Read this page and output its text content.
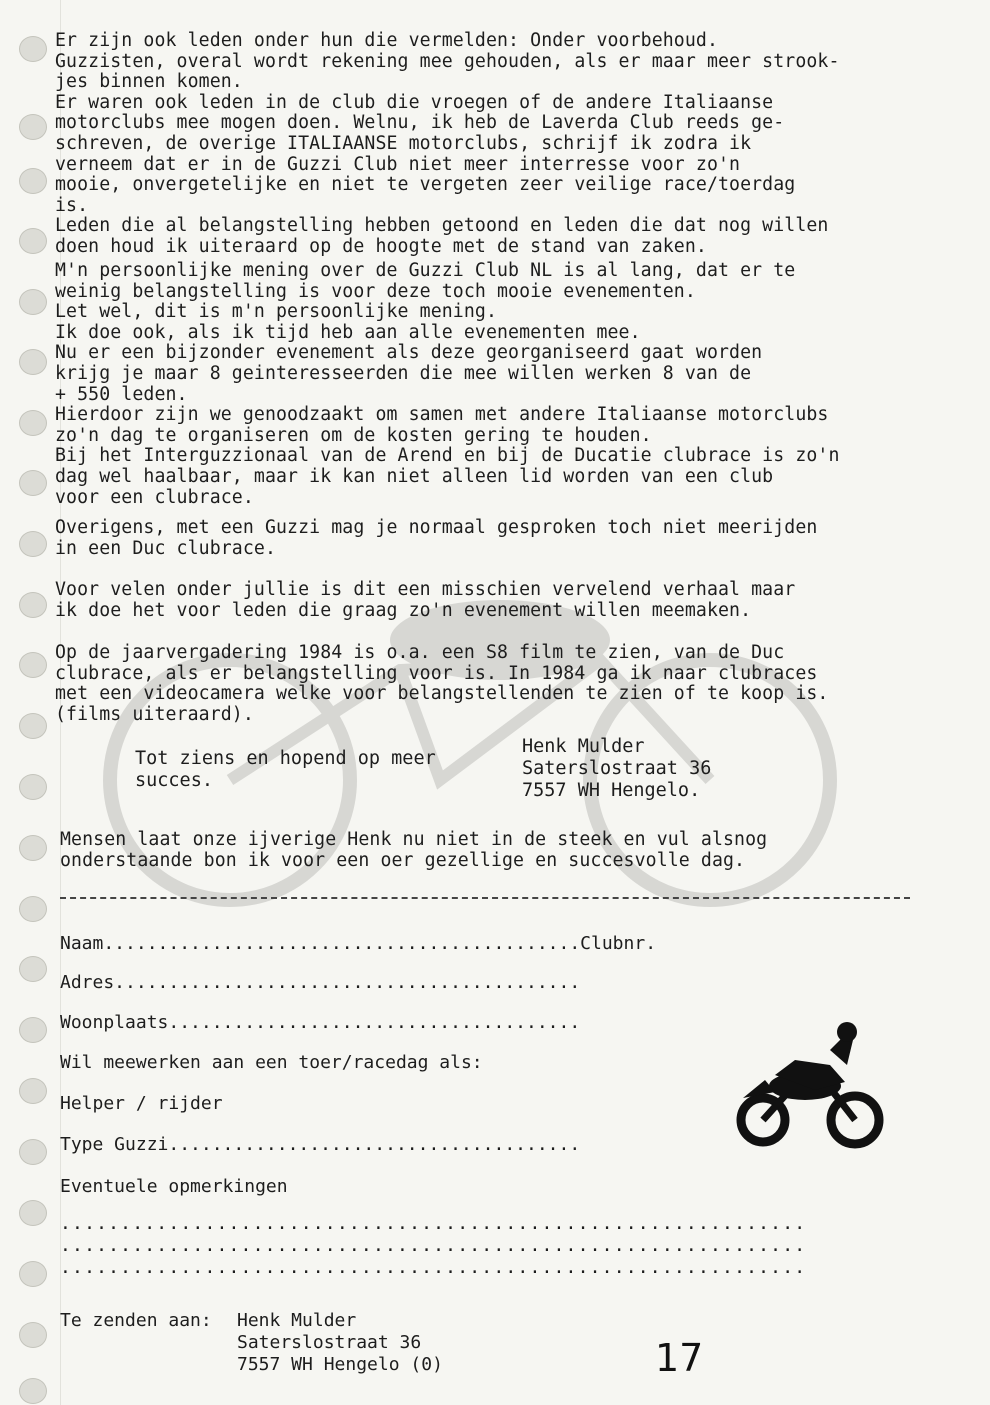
Er zijn ook leden onder hun die vermelden: Onder voorbehoud.
Guzzisten, overal wordt rekening mee gehouden, als er maar meer strook-
jes binnen komen.
Er waren ook leden in de club die vroegen of de andere Italiaanse
motorclubs mee mogen doen. Welnu, ik heb de Laverda Club reeds ge-
schreven, de overige ITALIAANSE motorclubs, schrijf ik zodra ik
verneem dat er in de Guzzi Club niet meer interresse voor zo'n
mooie, onvergetelijke en niet te vergeten zeer veilige race/toerdag
is.
Leden die al belangstelling hebben getoond en leden die dat nog willen
doen houd ik uiteraard op de hoogte met de stand van zaken.

M'n persoonlijke mening over de Guzzi Club NL is al lang, dat er te
weinig belangstelling is voor deze toch mooie evenementen.
Let wel, dit is m'n persoonlijke mening.
Ik doe ook, als ik tijd heb aan alle evenementen mee.
Nu er een bijzonder evenement als deze georganiseerd gaat worden
krijg je maar 8 geinteresseerden die mee willen werken 8 van de
+ 550 leden.
Hierdoor zijn we genoodzaakt om samen met andere Italiaanse motorclubs
zo'n dag te organiseren om de kosten gering te houden.
Bij het Interguzzionaal van de Arend en bij de Ducatie clubrace is zo'n
dag wel haalbaar, maar ik kan niet alleen lid worden van een club
voor een clubrace.

Overigens, met een Guzzi mag je normaal gesproken toch niet meerijden
in een Duc clubrace.

Voor velen onder jullie is dit een misschien vervelend verhaal maar
ik doe het voor leden die graag zo'n evenement willen meemaken.

Op de jaarvergadering 1984 is o.a. een S8 film te zien, van de Duc
clubrace, als er belangstelling voor is. In 1984 ga ik naar clubraces
met een videocamera welke voor belangstellenden te zien of te koop is.
(films uiteraard).

Tot ziens en hopend op meer
succes.
Henk Mulder
Saterslostraat 36
7557 WH Hengelo.

Mensen laat onze ijverige Henk nu niet in de steek en vul alsnog
onderstaande bon ik voor een oer gezellige en succesvolle dag.

Naam............................................Clubnr.
Adres...........................................
Woonplaats......................................
Wil meewerken aan een toer/racedag als:
Helper / rijder
Type Guzzi......................................
Eventuele opmerkingen
..............................................................
..............................................................
..............................................................
Te zenden aan: Henk Mulder
Saterslostraat 36
7557 WH Hengelo (0)	17
